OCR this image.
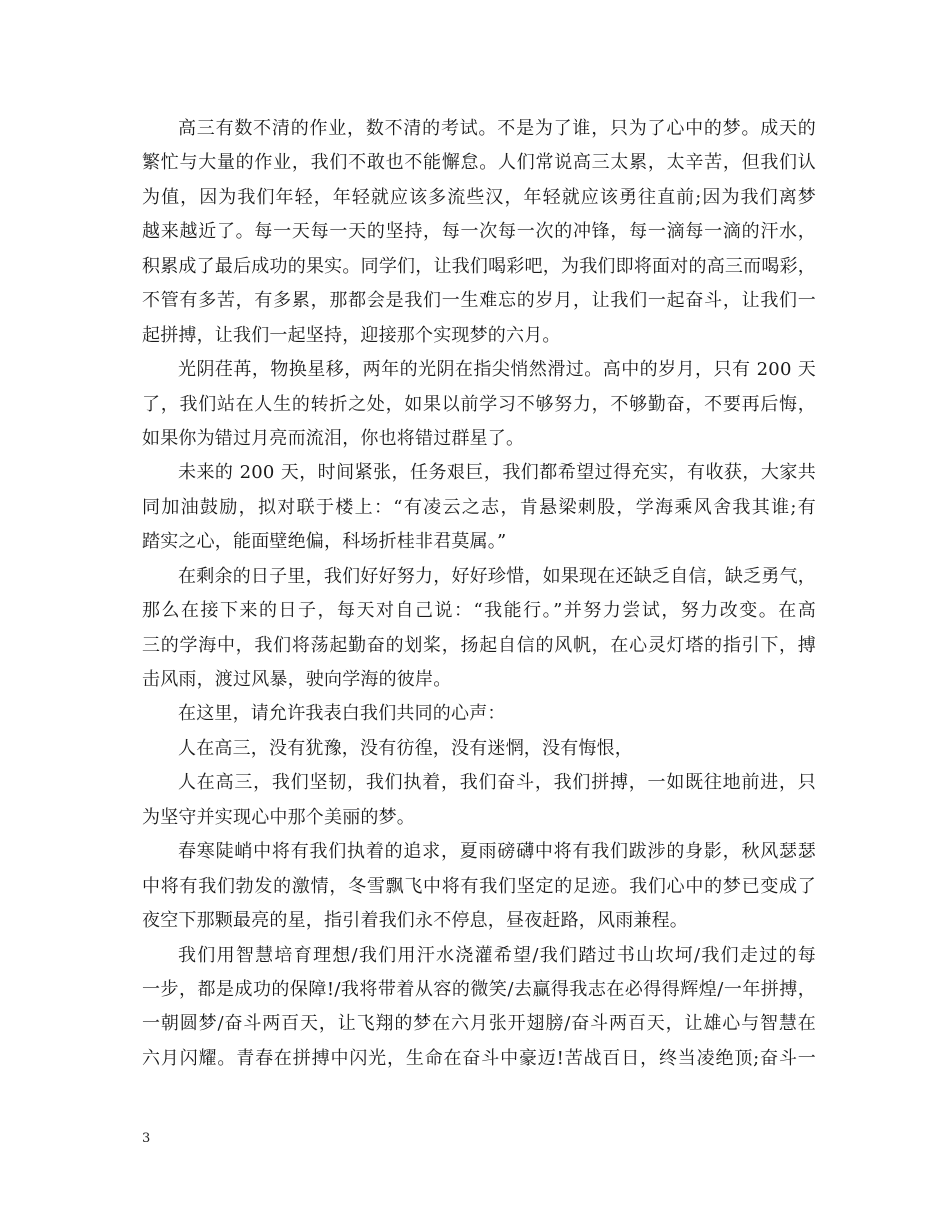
高三有数不清的作业，数不清的考试。不是为了谁，只为了心中的梦。成天的
繁忙与大量的作业，我们不敢也不能懈怠。人们常说高三太累，太辛苦，但我们认
为值，因为我们年轻，年轻就应该多流些汉，年轻就应该勇往直前;因为我们离梦
越来越近了。每一天每一天的坚持，每一次每一次的冲锋，每一滴每一滴的汗水，
积累成了最后成功的果实。同学们，让我们喝彩吧，为我们即将面对的高三而喝彩，
不管有多苦，有多累，那都会是我们一生难忘的岁月，让我们一起奋斗，让我们一
起拼搏，让我们一起坚持，迎接那个实现梦的六月。
光阴荏苒，物换星移，两年的光阴在指尖悄然滑过。高中的岁月，只有 200 天
了，我们站在人生的转折之处，如果以前学习不够努力，不够勤奋，不要再后悔，
如果你为错过月亮而流泪，你也将错过群星了。
未来的 200 天，时间紧张，任务艰巨，我们都希望过得充实，有收获，大家共
同加油鼓励，拟对联于楼上：“有凌云之志，肯悬梁刺股，学海乘风舍我其谁;有
踏实之心，能面壁绝偏，科场折桂非君莫属。”
在剩余的日子里，我们好好努力，好好珍惜，如果现在还缺乏自信，缺乏勇气，
那么在接下来的日子，每天对自己说：“我能行。”并努力尝试，努力改变。在高
三的学海中，我们将荡起勤奋的划桨，扬起自信的风帆，在心灵灯塔的指引下，搏
击风雨，渡过风暴，驶向学海的彼岸。
在这里，请允许我表白我们共同的心声：
人在高三，没有犹豫，没有彷徨，没有迷惘，没有悔恨，
人在高三，我们坚韧，我们执着，我们奋斗，我们拼搏，一如既往地前进，只
为坚守并实现心中那个美丽的梦。
春寒陡峭中将有我们执着的追求，夏雨磅礴中将有我们跋涉的身影，秋风瑟瑟
中将有我们勃发的激情，冬雪飘飞中将有我们坚定的足迹。我们心中的梦已变成了
夜空下那颗最亮的星，指引着我们永不停息，昼夜赶路，风雨兼程。
我们用智慧培育理想/我们用汗水浇灌希望/我们踏过书山坎坷/我们走过的每
一步，都是成功的保障!/我将带着从容的微笑/去赢得我志在必得得辉煌/一年拼搏，
一朝圆梦/奋斗两百天，让飞翔的梦在六月张开翅膀/奋斗两百天，让雄心与智慧在
六月闪耀。青春在拼搏中闪光，生命在奋斗中豪迈!苦战百日，终当凌绝顶;奋斗一
3
